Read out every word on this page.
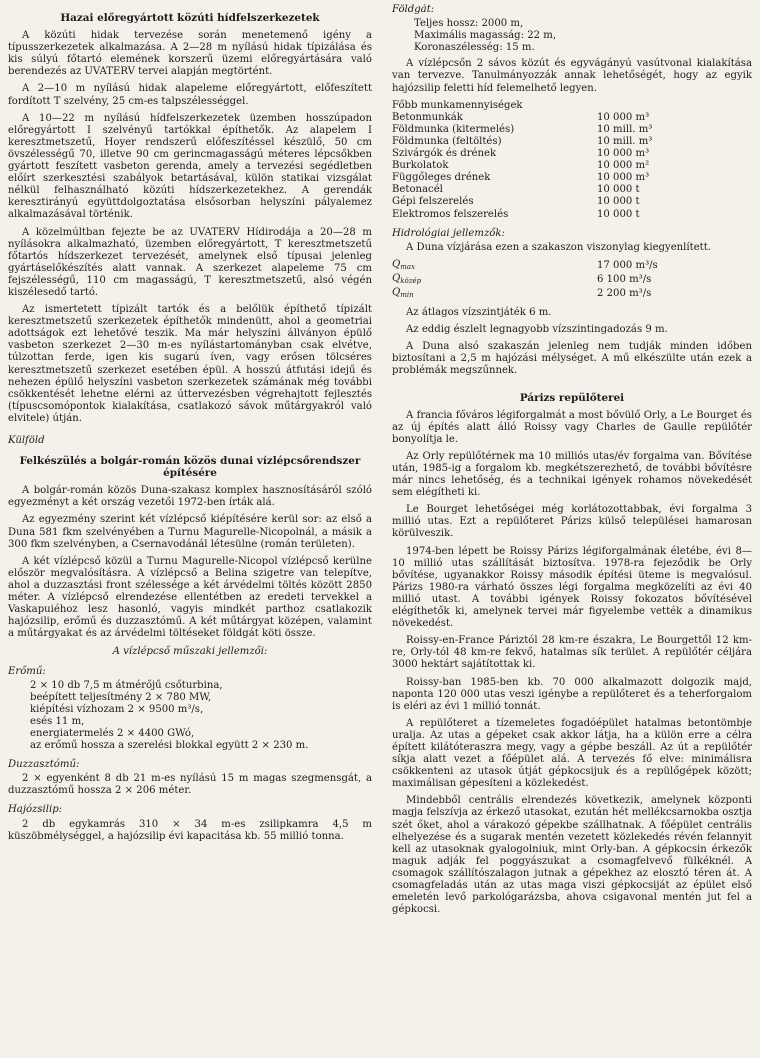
Hazai előregyártott közúti hídfelszerkezetek

A közúti hidak tervezése során menetemenő igény a típusszerkezetek alkalmazása. A 2—28 m nyílású hidak típizálása és kis súlyú főtartó elemének korszerű üzemi előregyártására való berendezés az UVATERV tervei alapján megtörtént.

A 2—10 m nyílású hidak alapeleme előregyártott, előfeszített fordított T szelvény, 25 cm-es talpszélességgel.

A 10—22 m nyílású hídfelszerkezetek üzemben hosszúpadon előregyártott I szelvényű tartókkal építhetők. Az alapelem I keresztmetszetű, Hoyer rendszerű előfeszítéssel készülő, 50 cm övszélességű 70, illetve 90 cm gerincmagasságú méteres lépcsőkben gyártott feszített vasbeton gerenda, amely a tervezési segédletben előírt szerkesztési szabályok betartásával, külön statikai vizsgálat nélkül felhasználható közúti hídszerkezetekhez. A gerendák keresztirányú együttdolgoztatása elsősorban helyszíni pályalemez alkalmazásával történik.

A közelmúltban fejezte be az UVATERV Hídirodája a 20—28 m nyílásokra alkalmazható, üzemben előregyártott, T keresztmetszetű főtartós hídszerkezet tervezését, amelynek első típusai jelenleg gyártáselőkészítés alatt vannak. A szerkezet alapeleme 75 cm fejszélességű, 110 cm magasságú, T keresztmetszetű, alsó végén kiszélesedő tartó.

Az ismertetett típizált tartók és a belőlük építhető típizált keresztmetszetű szerkezetek építhetők mindenütt, ahol a geometriai adottságok ezt lehetővé teszik. Ma már helyszíni állványon épülő vasbeton szerkezet 2—30 m-es nyílástartományban csak elvétve, túlzottan ferde, igen kis sugarú íven, vagy erősen tölcséres keresztmetszetű szerkezet esetében épül. A hosszú átfutási idejű és nehezen épülő helyszíni vasbeton szerkezetek számának még további csökkentését lehetne elérni az úttervezésben végrehajtott fejlesztés (típuscsomópontok kialakítása, csatlakozó sávok műtárgyakról való elvitele) útján.

Külföld
Felkészülés a bolgár-román közös dunai vízlépcsőrendszer építésére

A bolgár-román közös Duna-szakasz komplex hasznosításáról szóló egyezményt a két ország vezetői 1972-ben írták alá.

Az egyezmény szerint két vízlépcső kiépítésére kerül sor: az első a Duna 581 fkm szelvényében a Turnu Magurelle-Nicopolnál, a másik a 300 fkm szelvényben, a Csernavodánál létesülne (román területen).

A két vízlépcső közül a Turnu Magurelle-Nicopol vízlépcső kerülne először megvalósításra. A vízlépcső a Belina szigetre van telepítve, ahol a duzzasztási front szélessége a két árvédelmi töltés között 2850 méter. A vízlépcső elrendezése ellentétben az eredeti tervekkel a Vaskapuiéhoz lesz hasonló, vagyis mindkét parthoz csatlakozik hajózsilip, erőmű és duzzasztómű. A két műtárgyat középen, valamint a műtárgyakat és az árvédelmi töltéseket földgát köti össze.

A vízlépcső műszaki jellemzői:
Erőmű:
2 × 10 db 7,5 m átmérőjű csőturbina,
beépített teljesítmény 2 × 780 MW,
kiépítési vízhozam 2 × 9500 m³/s,
esés 11 m,
energiatermelés 2 × 4400 GWó,
az erőmű hossza a szerelési blokkal együtt 2 × 230 m.
Duzzasztómű:

2 × egyenként 8 db 21 m-es nyílású 15 m magas szegmensgát, a duzzasztómű hossza 2 × 206 méter.

Hajózsilip:

2 db egykamrás 310 × 34 m-es zsilipkamra 4,5 m küszöbmélységgel, a hajózsilip évi kapacitása kb. 55 millió tonna.

Földgát:
Teljes hossz: 2000 m,
Maximális magasság: 22 m,
Koronaszélesség: 15 m.

A vízlépcsőn 2 sávos közút és egyvágányú vasútvonal kialakítása van tervezve. Tanulmányozzák annak lehetőségét, hogy az egyik hajózsilip feletti híd felemelhető legyen.

Főbb munkamennyiségek
Betonmunkák	10 000 m³
Földmunka (kitermelés)	10 mill. m³
Földmunka (feltöltés)	10 mill. m³
Szivárgók és drének	10 000 m³
Burkolatok	10 000 m²
Függőleges drének	10 000 m³
Betonacél	10 000 t
Gépi felszerelés	10 000 t
Elektromos felszerelés	10 000 t
Hidrológiai jellemzők:

A Duna vízjárása ezen a szakaszon viszonylag kiegyenlített.

Qmax	17 000 m³/s
Qközép	6 100 m³/s
Qmin	2 200 m³/s

Az átlagos vízszintjáték 6 m.

Az eddig észlelt legnagyobb vízszintingadozás 9 m.

A Duna alsó szakaszán jelenleg nem tudják minden időben biztosítani a 2,5 m hajózási mélységet. A mű elkészülte után ezek a problémák megszűnnek.

Párizs repülőterei

A francia főváros légiforgalmát a most bővülő Orly, a Le Bourget és az új építés alatt álló Roissy vagy Charles de Gaulle repülőtér bonyolítja le.

Az Orly repülőtérnek ma 10 milliós utas/év forgalma van. Bővítése után, 1985-ig a forgalom kb. megkétszerezhető, de további bővítésre már nincs lehetőség, és a technikai igények rohamos növekedését sem elégítheti ki.

Le Bourget lehetőségei még korlátozottabbak, évi forgalma 3 millió utas. Ezt a repülőteret Párizs külső települései hamarosan körülveszik.

1974-ben lépett be Roissy Párizs légiforgalmának életébe, évi 8—10 millió utas szállítását biztosítva. 1978-ra fejeződik be Orly bővítése, ugyanakkor Roissy második építési üteme is megvalósul. Párizs 1980-ra várható összes légi forgalma megközelíti az évi 40 millió utast. A további igények Roissy fokozatos bővítésével elégíthetők ki, amelynek tervei már figyelembe vették a dinamikus növekedést.

Roissy-en-France Páriztól 28 km-re északra, Le Bourgettől 12 km-re, Orly-tól 48 km-re fekvő, hatalmas sík terület. A repülőtér céljára 3000 hektárt sajátítottak ki.

Roissy-ban 1985-ben kb. 70 000 alkalmazott dolgozik majd, naponta 120 000 utas veszi igénybe a repülőteret és a teherforgalom is eléri az évi 1 millió tonnát.

A repülőteret a tízemeletes fogadóépület hatalmas betontömbje uralja. Az utas a gépeket csak akkor látja, ha a külön erre a célra épített kilátóteraszra megy, vagy a gépbe beszáll. Az út a repülőtér síkja alatt vezet a főépület alá. A tervezés fő elve: minimálisra csökkenteni az utasok útját gépkocsijuk és a repülőgépek között; maximálisan gépesíteni a közlekedést.

Mindebből centrális elrendezés következik, amelynek központi magja felszívja az érkező utasokat, ezután hét mellékcsarnokba osztja szét őket, ahol a várakozó gépekbe szállhatnak. A főépület centrális elhelyezése és a sugarak mentén vezetett közlekedés révén felannyit kell az utasoknak gyalogolniuk, mint Orly-ban. A gépkocsin érkezők maguk adják fel poggyászukat a csomagfelvevő fülkéknél. A csomagok szállítószalagon jutnak a gépekhez az elosztó téren át. A csomagfeladás után az utas maga viszi gépkocsiját az épület első emeletén levő parkológarázsba, ahova csigavonal mentén jut fel a gépkocsi.
